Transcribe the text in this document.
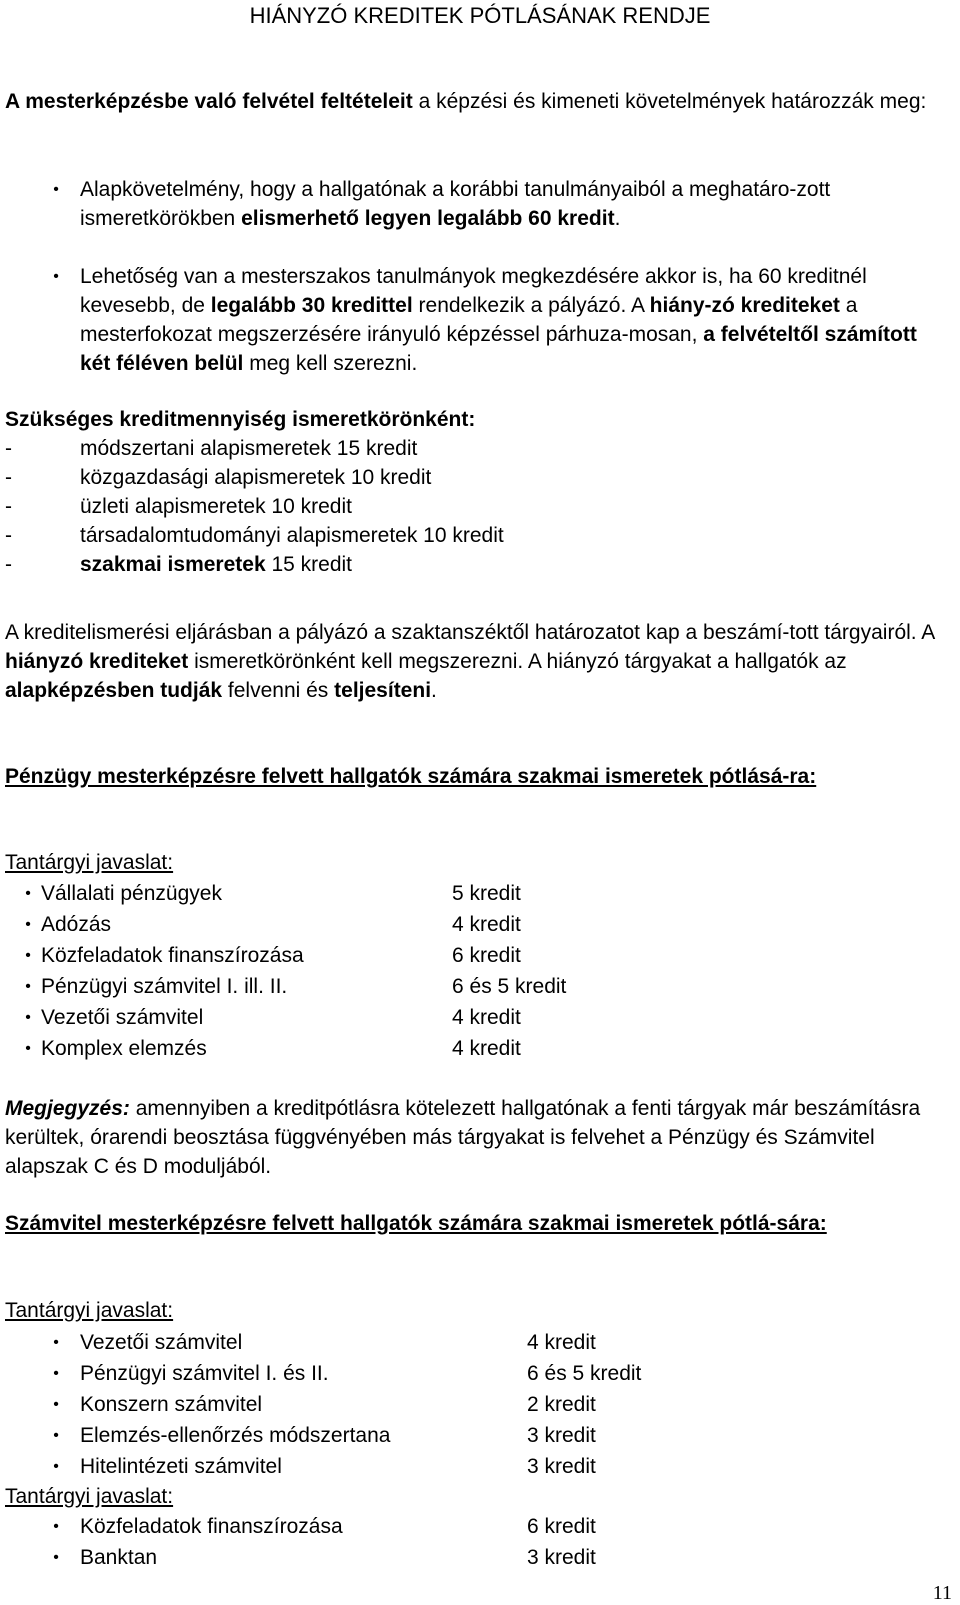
HIÁNYZÓ KREDITEK PÓTLÁSÁNAK RENDJE

A mesterképzésbe való felvétel feltételeit a képzési és kimeneti követelmények határozzák meg:

•	Alapkövetelmény, hogy a hallgatónak a korábbi tanulmányaiból a meghatáro-zott ismeretkörökben elismerhető legyen legalább 60 kredit.

•	Lehetőség van a mesterszakos tanulmányok megkezdésére akkor is, ha 60 kreditnél kevesebb, de legalább 30 kredittel rendelkezik a pályázó. A hiány-zó krediteket a mesterfokozat megszerzésére irányuló képzéssel párhuza-mosan, a felvételtől számított két féléven belül meg kell szerezni.

Szükséges kreditmennyiség ismeretkörönként:
-	módszertani alapismeretek 15 kredit
-	közgazdasági alapismeretek 10 kredit
-	üzleti alapismeretek 10 kredit
-	társadalomtudományi alapismeretek 10 kredit
-	szakmai ismeretek 15 kredit

A kreditelismerési eljárásban a pályázó a szaktanszéktől határozatot kap a beszámí-tott tárgyairól. A hiányzó krediteket ismeretkörönként kell megszerezni. A hiányzó tárgyakat a hallgatók az alapképzésben tudják felvenni és teljesíteni.

Pénzügy mesterképzésre felvett hallgatók számára szakmai ismeretek pótlásá-ra:

Tantárgyi javaslat:
• Vállalati pénzügyek	5 kredit
• Adózás	4 kredit
• Közfeladatok finanszírozása	6 kredit
• Pénzügyi számvitel I. ill. II.	6 és 5 kredit
• Vezetői számvitel	4 kredit
• Komplex elemzés	4 kredit

Megjegyzés: amennyiben a kreditpótlásra kötelezett hallgatónak a fenti tárgyak már beszámításra kerültek, órarendi beosztása függvényében más tárgyakat is felvehet a Pénzügy és Számvitel alapszak C és D moduljából.

Számvitel mesterképzésre felvett hallgatók számára szakmai ismeretek pótlá-sára:

Tantárgyi javaslat:
•	Vezetői számvitel	4 kredit
•	Pénzügyi számvitel I. és II.	6 és 5 kredit
•	Konszern számvitel	2 kredit
•	Elemzés-ellenőrzés módszertana	3 kredit
•	Hitelintézeti számvitel	3 kredit
Tantárgyi javaslat:
•	Közfeladatok finanszírozása	6 kredit
•	Banktan	3 kredit
11
